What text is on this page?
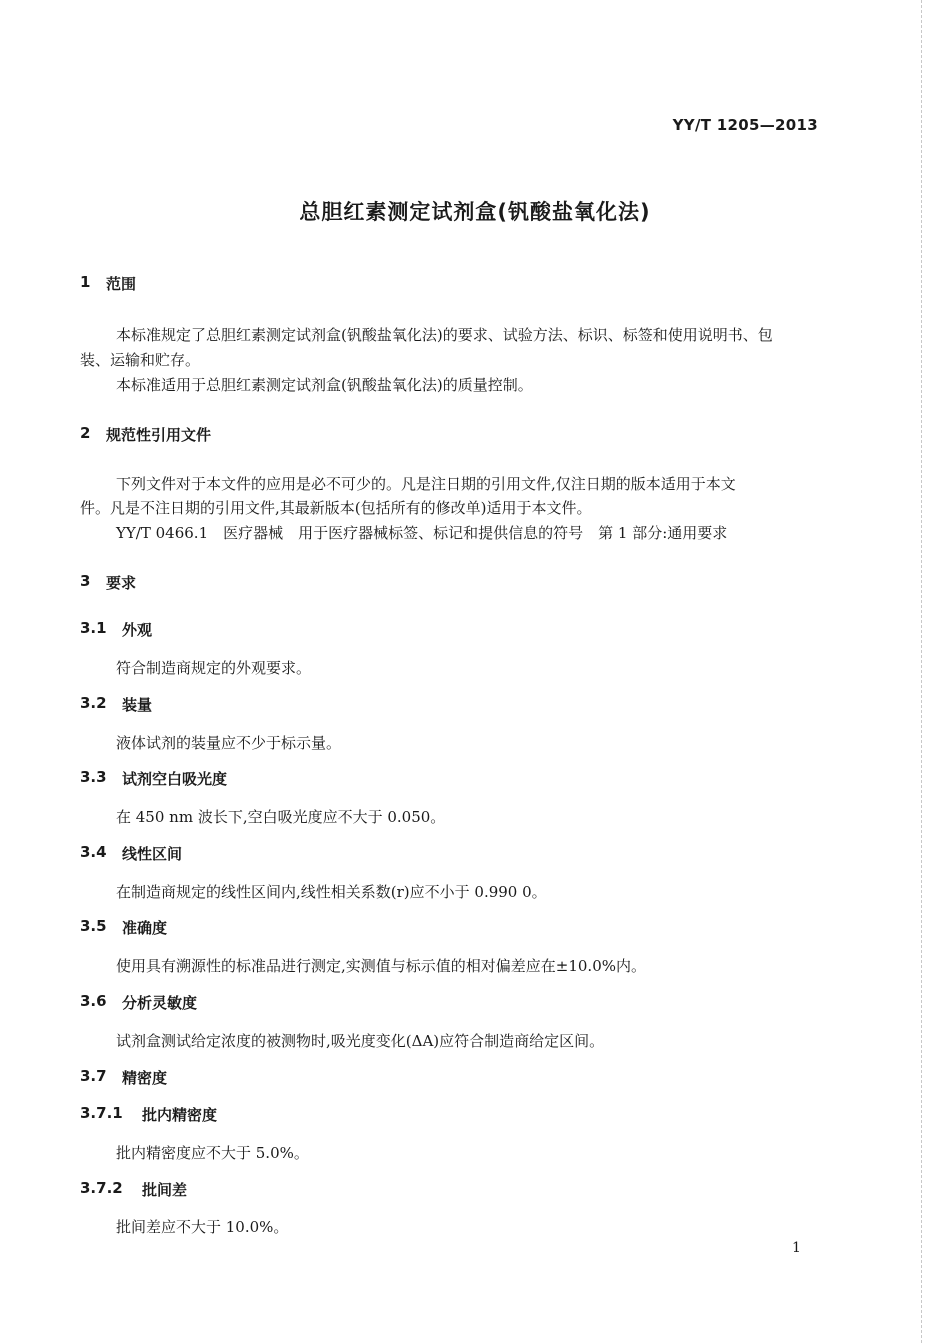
YY/T 1205—2013
总胆红素测定试剂盒(钒酸盐氧化法)
1 范围
本标准规定了总胆红素测定试剂盒(钒酸盐氧化法)的要求、试验方法、标识、标签和使用说明书、包
装、运输和贮存。
本标准适用于总胆红素测定试剂盒(钒酸盐氧化法)的质量控制。
2 规范性引用文件
下列文件对于本文件的应用是必不可少的。凡是注日期的引用文件,仅注日期的版本适用于本文
件。凡是不注日期的引用文件,其最新版本(包括所有的修改单)适用于本文件。
YY/T 0466.1　医疗器械　用于医疗器械标签、标记和提供信息的符号　第 1 部分:通用要求
3 要求
3.1 外观
符合制造商规定的外观要求。
3.2 装量
液体试剂的装量应不少于标示量。
3.3 试剂空白吸光度
在 450 nm 波长下,空白吸光度应不大于 0.050。
3.4 线性区间
在制造商规定的线性区间内,线性相关系数(r)应不小于 0.990 0。
3.5 准确度
使用具有溯源性的标准品进行测定,实测值与标示值的相对偏差应在±10.0%内。
3.6 分析灵敏度
试剂盒测试给定浓度的被测物时,吸光度变化(ΔA)应符合制造商给定区间。
3.7 精密度
3.7.1 批内精密度
批内精密度应不大于 5.0%。
3.7.2 批间差
批间差应不大于 10.0%。
1
